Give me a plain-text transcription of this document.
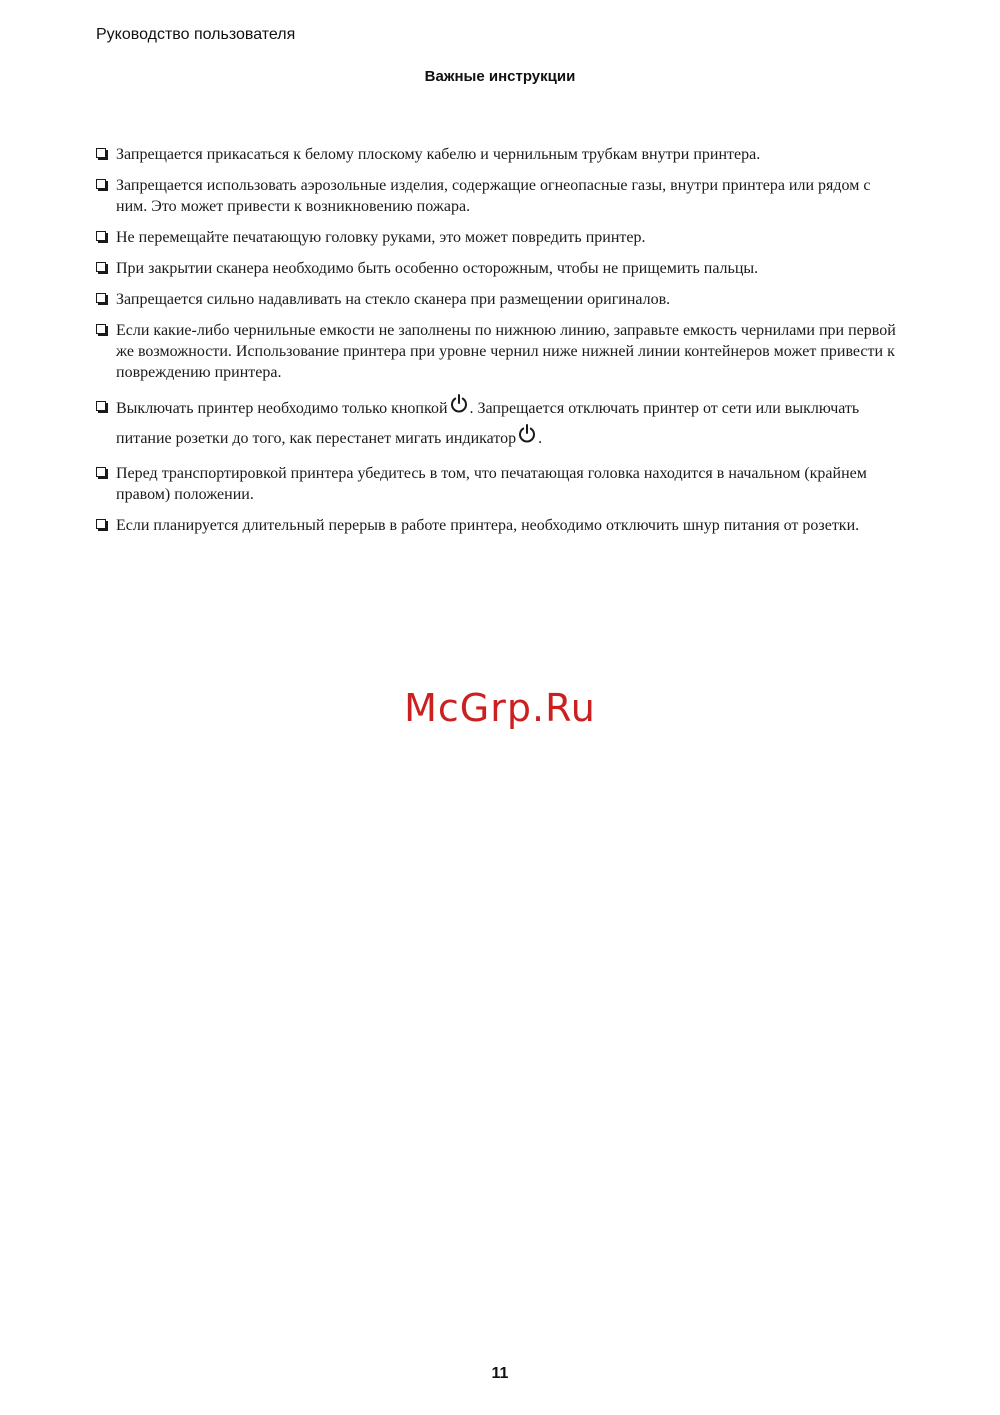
Руководство пользователя
Важные инструкции
Запрещается прикасаться к белому плоскому кабелю и чернильным трубкам внутри принтера.
Запрещается использовать аэрозольные изделия, содержащие огнеопасные газы, внутри принтера или рядом с ним. Это может привести к возникновению пожара.
Не перемещайте печатающую головку руками, это может повредить принтер.
При закрытии сканера необходимо быть особенно осторожным, чтобы не прищемить пальцы.
Запрещается сильно надавливать на стекло сканера при размещении оригиналов.
Если какие-либо чернильные емкости не заполнены по нижнюю линию, заправьте емкость чернилами при первой же возможности. Использование принтера при уровне чернил ниже нижней линии контейнеров может привести к повреждению принтера.
Выключать принтер необходимо только кнопкой . Запрещается отключать принтер от сети или выключать питание розетки до того, как перестанет мигать индикатор .
Перед транспортировкой принтера убедитесь в том, что печатающая головка находится в начальном (крайнем правом) положении.
Если планируется длительный перерыв в работе принтера, необходимо отключить шнур питания от розетки.
McGrp.Ru
11
